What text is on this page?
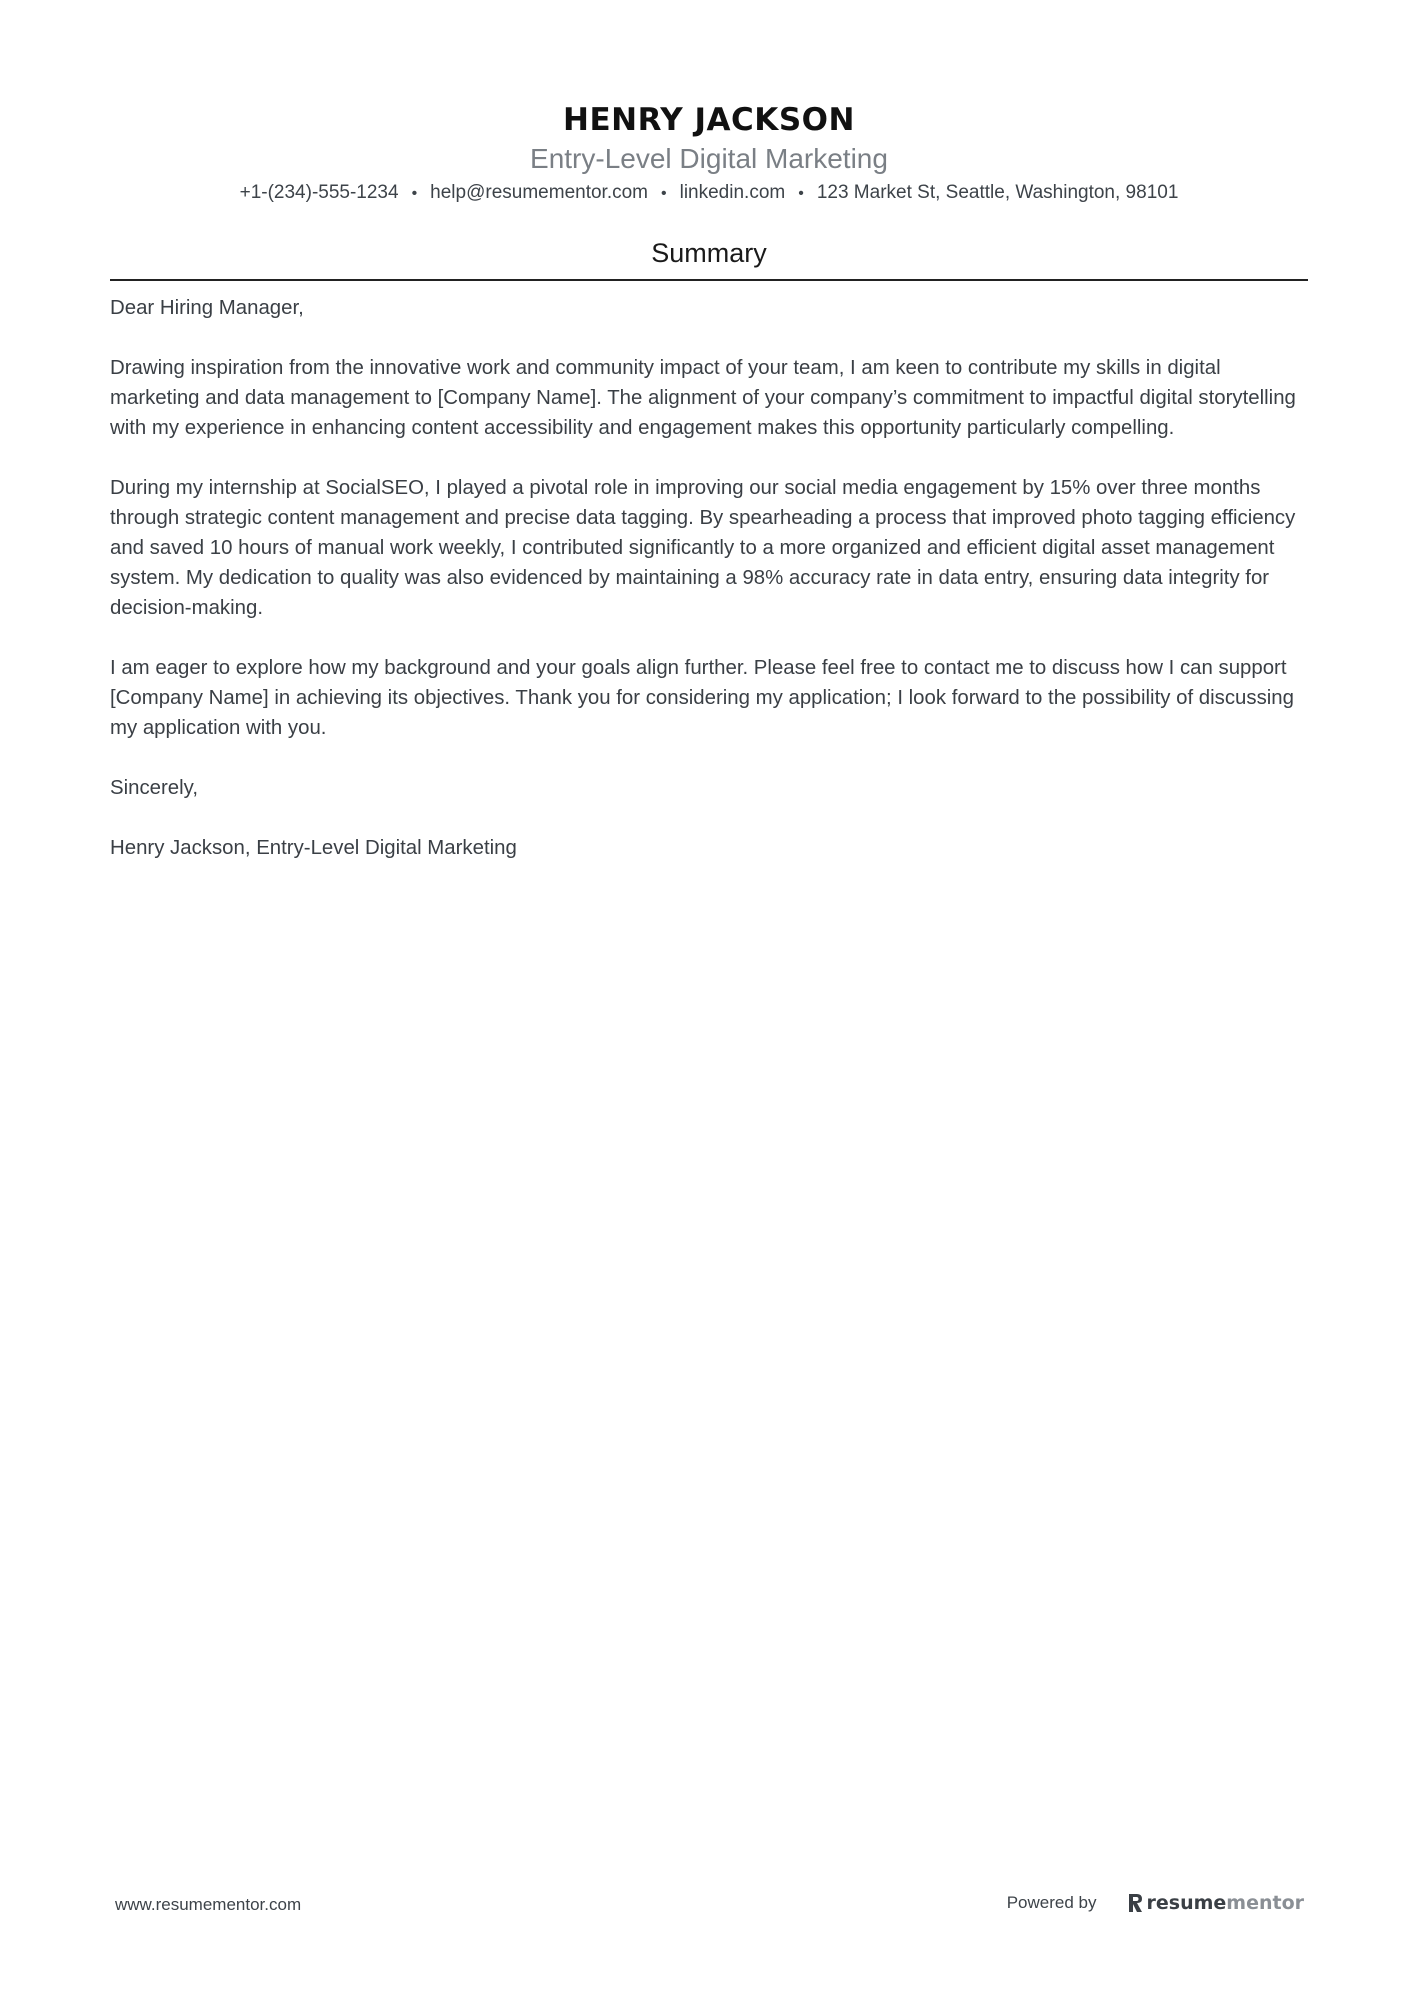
HENRY JACKSON
Entry-Level Digital Marketing
+1-(234)-555-1234 • help@resumementor.com • linkedin.com • 123 Market St, Seattle, Washington, 98101
Summary

Dear Hiring Manager,

Drawing inspiration from the innovative work and community impact of your team, I am keen to contribute my skills in digital marketing and data management to [Company Name]. The alignment of your company’s commitment to impactful digital storytelling with my experience in enhancing content accessibility and engagement makes this opportunity particularly compelling.

During my internship at SocialSEO, I played a pivotal role in improving our social media engagement by 15% over three months through strategic content management and precise data tagging. By spearheading a process that improved photo tagging efficiency and saved 10 hours of manual work weekly, I contributed significantly to a more organized and efficient digital asset management system. My dedication to quality was also evidenced by maintaining a 98% accuracy rate in data entry, ensuring data integrity for decision-making.

I am eager to explore how my background and your goals align further. Please feel free to contact me to discuss how I can support [Company Name] in achieving its objectives. Thank you for considering my application; I look forward to the possibility of discussing my application with you.

Sincerely,

Henry Jackson, Entry-Level Digital Marketing

www.resumementor.com	Powered by	resume mentor
